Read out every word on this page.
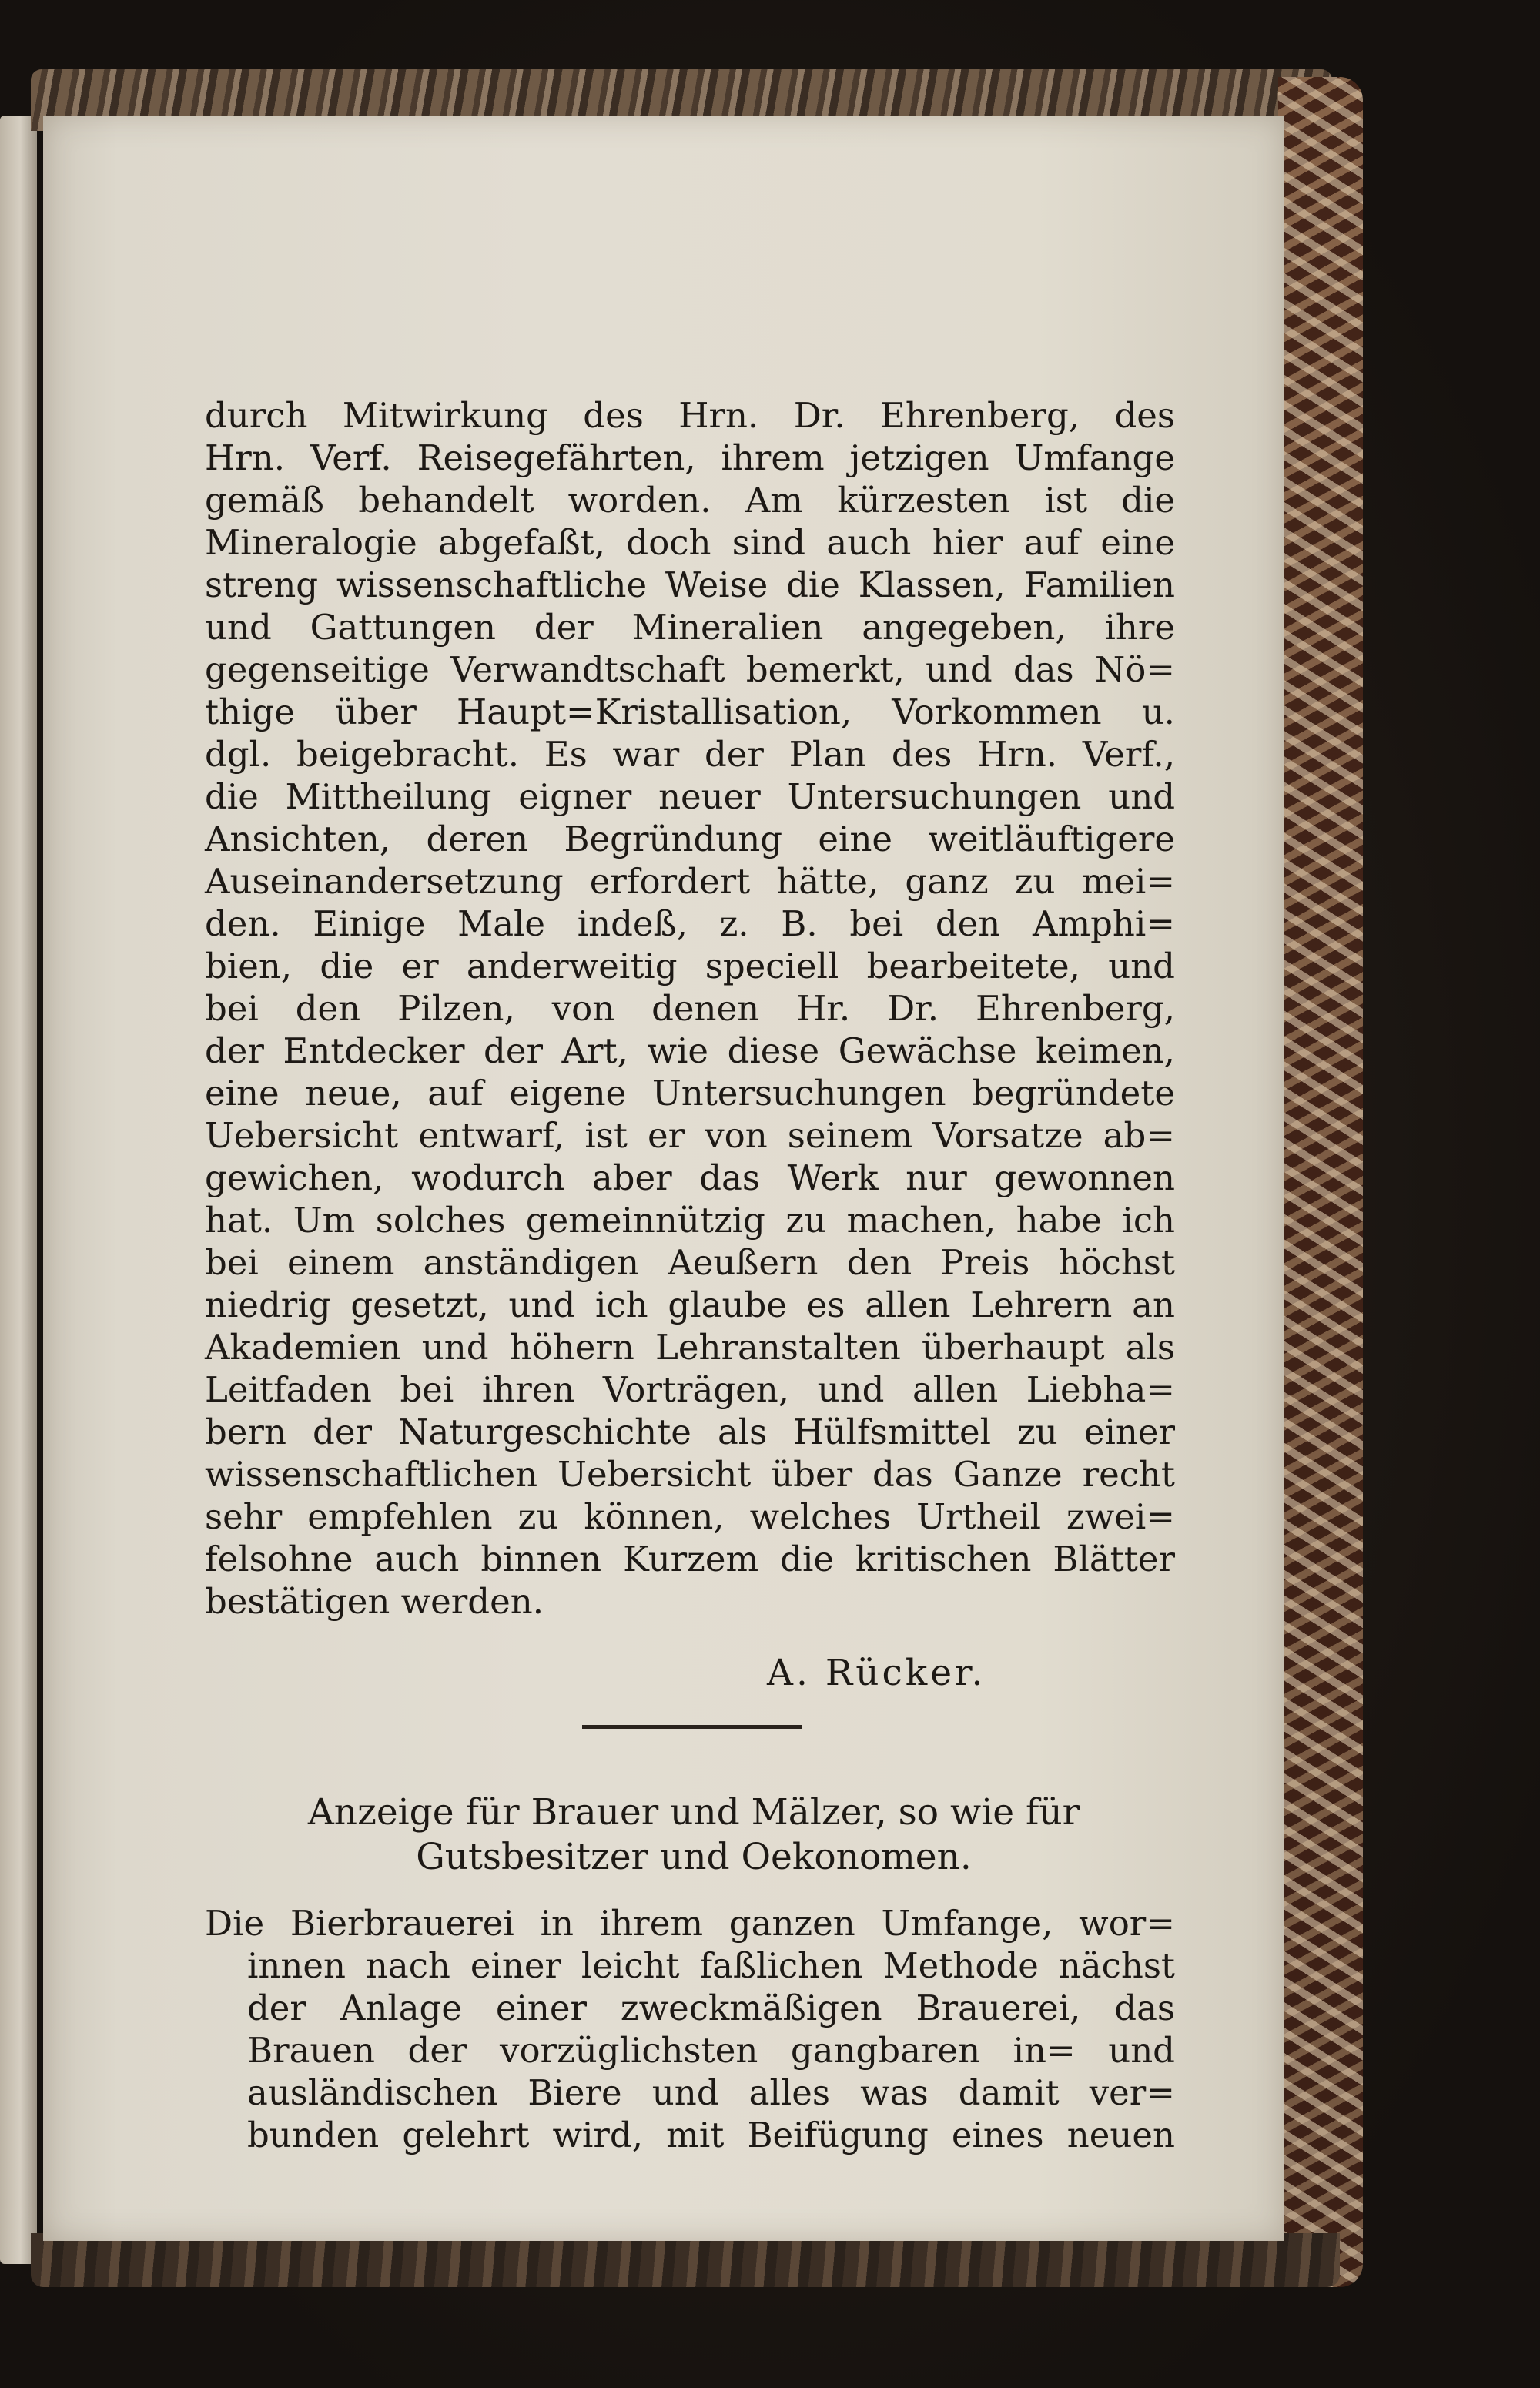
durch Mitwirkung des Hrn. Dr. Ehrenberg, des
Hrn. Verf. Reisegefährten, ihrem jetzigen Umfange
gemäß behandelt worden. Am kürzesten ist die
Mineralogie abgefaßt, doch sind auch hier auf eine
streng wissenschaftliche Weise die Klassen, Familien
und Gattungen der Mineralien angegeben, ihre
gegenseitige Verwandtschaft bemerkt, und das Nö=
thige über Haupt=Kristallisation, Vorkommen u.
dgl. beigebracht. Es war der Plan des Hrn. Verf.,
die Mittheilung eigner neuer Untersuchungen und
Ansichten, deren Begründung eine weitläuftigere
Auseinandersetzung erfordert hätte, ganz zu mei=
den. Einige Male indeß, z. B. bei den Amphi=
bien, die er anderweitig speciell bearbeitete, und
bei den Pilzen, von denen Hr. Dr. Ehrenberg,
der Entdecker der Art, wie diese Gewächse keimen,
eine neue, auf eigene Untersuchungen begründete
Uebersicht entwarf, ist er von seinem Vorsatze ab=
gewichen, wodurch aber das Werk nur gewonnen
hat. Um solches gemeinnützig zu machen, habe ich
bei einem anständigen Aeußern den Preis höchst
niedrig gesetzt, und ich glaube es allen Lehrern an
Akademien und höhern Lehranstalten überhaupt als
Leitfaden bei ihren Vorträgen, und allen Liebha=
bern der Naturgeschichte als Hülfsmittel zu einer
wissenschaftlichen Uebersicht über das Ganze recht
sehr empfehlen zu können, welches Urtheil zwei=
felsohne auch binnen Kurzem die kritischen Blätter
bestätigen werden.
A. Rücker.
Anzeige für Brauer und Mälzer, so wie für
Gutsbesitzer und Oekonomen.
Die Bierbrauerei in ihrem ganzen Umfange, wor=
innen nach einer leicht faßlichen Methode nächst
der Anlage einer zweckmäßigen Brauerei, das
Brauen der vorzüglichsten gangbaren in= und
ausländischen Biere und alles was damit ver=
bunden gelehrt wird, mit Beifügung eines neuen
